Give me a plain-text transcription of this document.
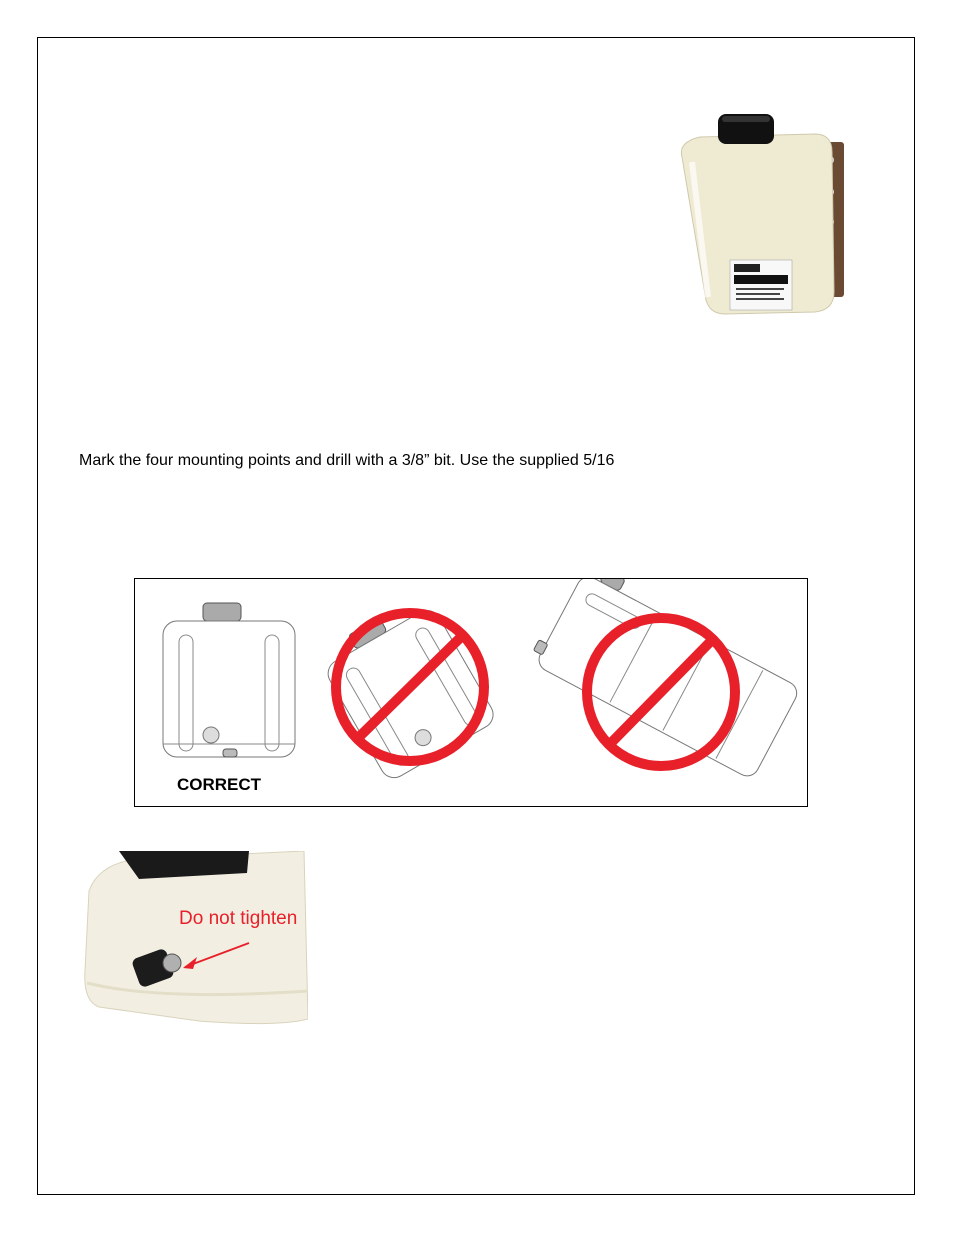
Mark the four mounting points and drill with a 3/8” bit. Use the supplied 5/16
CORRECT
Do not tighten
